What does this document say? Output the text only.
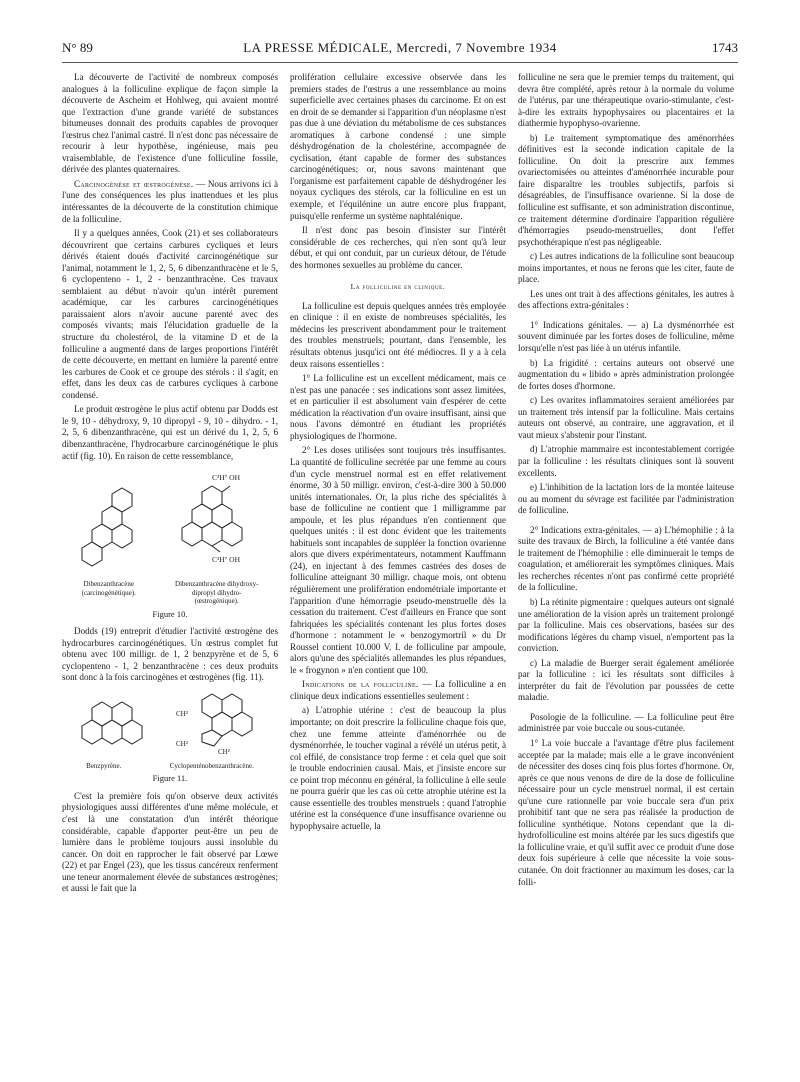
N° 89	LA PRESSE MÉDICALE, Mercredi, 7 Novembre 1934	1743

La découverte de l'activité de nombreux composés analogues à la folliculine explique de façon simple la découverte de Ascheim et Hohlweg, qui avaient montré que l'extraction d'une grande variété de substances bitumeuses donnait des produits capables de provoquer l'œstrus chez l'animal castré. Il n'est donc pas nécessaire de recourir à leur hypothèse, ingénieuse, mais peu vraisemblable, de l'existence d'une folliculine fossile, dérivée des plantes quaternaires.

Carcinogénèse et œstrogénèse. — Nous arrivons ici à l'une des conséquences les plus inattendues et les plus intéressantes de la découverte de la constitution chimique de la folliculine.

Il y a quelques années, Cook (21) et ses collaborateurs découvrirent que certains carbures cycliques et leurs dérivés étaient doués d'activité carcinogénétique sur l'animal, notamment le 1, 2, 5, 6 dibenzanthracène et le 5, 6 cyclopenteno - 1, 2 - benzanthracène. Ces travaux semblaient au début n'avoir qu'un intérêt purement académique, car les carbures carcinogénétiques paraissaient alors n'avoir aucune parenté avec des composés vivants; mais l'élucidation graduelle de la structure du cholestérol, de la vitamine D et de la folliculine a augmenté dans de larges proportions l'intérêt de cette découverte, en mettant en lumière la parenté entre les carbures de Cook et ce groupe des stérols : il s'agit, en effet, dans les deux cas de carbures cycliques à carbone condensé.

Le produit œstrogène le plus actif obtenu par Dodds est le 9, 10 - déhydroxy, 9, 10 dipropyl - 9, 10 - dihydro. - 1, 2, 5, 6 dibenzanthracène, qui est un dérivé du 1, 2, 5, 6 dibenzanthracène, l'hydrocarbure carcinogénétique le plus actif (fig. 10). En raison de cette ressemblance,

C³H⁷ OH
C³H⁷ OH
Dibenzanthracène
(carcinogénétique).
Dibenzanthracène dihydroxy-
dipropyl dihydro-
(œstrogénique).
Figure 10.

Dodds (19) entreprit d'étudier l'activité œstrogène des hydrocarbures carcinogénétiques. Un œstrus complet fut obtenu avec 100 milligr. de 1, 2 benzpyrène et de 5, 6 cyclopenteno - 1, 2 benzanthracène : ces deux produits sont donc à la fois carcinogènes et œstrogènes (fig. 11).

CH²
CH²
CH²
Benzpyrène.	Cyclopenténobenzanthracène.
Figure 11.

C'est la première fois qu'on observe deux activités physiologiques aussi différentes d'une même molécule, et c'est là une constatation d'un intérêt théorique considérable, capable d'apporter peut-être un peu de lumière dans le problème toujours aussi insoluble du cancer. On doit en rapprocher le fait observé par Lœwe (22) et par Engel (23), que les tissus cancéreux renferment une teneur anormalement élevée de substances œstrogènes; et aussi le fait que la

prolifération cellulaire excessive observée dans les premiers stades de l'œstrus a une ressemblance au moins superficielle avec certaines phases du carcinome. Et on est en droit de se demander si l'apparition d'un néoplasme n'est pas due à une déviation du métabolisme de ces substances aromatiques à carbone condensé : une simple déshydrogénation de la cholestérine, accompagnée de cyclisation, étant capable de former des substances carcinogénétiques; or, nous savons maintenant que l'organisme est parfaitement capable de déshydrogéner les noyaux cycliques des stérols, car la folliculine en est un exemple, et l'équilénine un autre encore plus frappant, puisqu'elle renferme un système naphtalénique.

Il n'est donc pas besoin d'insister sur l'intérêt considérable de ces recherches, qui n'en sont qu'à leur début, et qui ont conduit, par un curieux détour, de l'étude des hormones sexuelles au problème du cancer.

La folliculine en clinique.

La folliculine est depuis quelques années très employée en clinique : il en existe de nombreuses spécialités, les médecins les prescrivent abondamment pour le traitement des troubles menstruels; pourtant, dans l'ensemble, les résultats obtenus jusqu'ici ont été médiocres. Il y a à cela deux raisons essentielles :

1° La folliculine est un excellent médicament, mais ce n'est pas une panacée : ses indications sont assez limitées, et en particulier il est absolument vain d'espérer de cette médication la réactivation d'un ovaire insuffisant, ainsi que nous l'avons démontré en étudiant les propriétés physiologiques de l'hormone.

2° Les doses utilisées sont toujours très insuffisantes. La quantité de folliculine secrétée par une femme au cours d'un cycle menstruel normal est en effet relativement énorme, 30 à 50 milligr. environ, c'est-à-dire 300 à 50.000 unités internationales. Or, la plus riche des spécialités à base de folliculine ne contient que 1 milligramme par ampoule, et les plus répandues n'en contiennent que quelques unités : il est donc évident que les traitements habituels sont incapables de suppléer la fonction ovarienne alors que divers expérimentateurs, notamment Kauffmann (24), en injectant à des femmes castrées des doses de folliculine atteignant 30 milligr. chaque mois, ont obtenu régulièrement une prolifération endométriale importante et l'apparition d'une hémorragie pseudo-menstruelle dès la cessation du traitement. C'est d'ailleurs en France que sont fabriquées les spécialités contenant les plus fortes doses d'hormone : notamment le « benzogymortril » du Dr Roussel contient 10.000 V. I. de folliculine par ampoule, alors qu'une des spécialités allemandes les plus répandues, le « frogynon » n'en contient que 100.

Indications de la folliculine. — La folliculine a en clinique deux indications essentielles seulement :

a) L'atrophie utérine : c'est de beaucoup la plus importante; on doit prescrire la folliculine chaque fois que, chez une femme atteinte d'aménorrhée ou de dysménorrhée, le toucher vaginal a révélé un utérus petit, à col effilé, de consistance trop ferme : et cela quel que soit le trouble endocrinien causal. Mais, et j'insiste encore sur ce point trop méconnu en général, la folliculine à elle seule ne pourra guérir que les cas où cette atrophie utérine est la cause essentielle des troubles menstruels : quand l'atrophie utérine est la conséquence d'une insuffisance ovarienne ou hypophysaire actuelle, la

folliculine ne sera que le premier temps du traitement, qui devra être complété, après retour à la normale du volume de l'utérus, par une thérapeutique ovario-stimulante, c'est-à-dire les extraits hypophysaires ou placentaires et la diathermie hypophyso-ovarienne.

b) Le traitement symptomatique des aménorrhées définitives est la seconde indication capitale de la folliculine. On doit la prescrire aux femmes ovariectomisées ou atteintes d'aménorrhée incurable pour faire disparaître les troubles subjectifs, parfois si désagréables, de l'insuffisance ovarienne. Si la dose de folliculine est suffisante, et son administration discontinue, ce traitement détermine d'ordinaire l'apparition régulière d'hémorragies pseudo-menstruelles, dont l'effet psychothérapique n'est pas négligeable.

c) Les autres indications de la folliculine sont beaucoup moins importantes, et nous ne ferons que les citer, faute de place.

Les unes ont trait à des affections génitales, les autres à des affections extra-génitales :

1° Indications génitales. — a) La dysménorrhée est souvent diminuée par les fortes doses de folliculine, même lorsqu'elle n'est pas liée à un utérus infantile.

b) La frigidité : certains auteurs ont observé une augmentation du « libido » après administration prolongée de fortes doses d'hormone.

c) Les ovarites inflammatoires seraient améliorées par un traitement très intensif par la folliculine. Mais certains auteurs ont observé, au contraire, une aggravation, et il vaut mieux s'abstenir pour l'instant.

d) L'atrophie mammaire est incontestablement corrigée par la folliculine : les résultats cliniques sont là souvent excellents.

e) L'inhibition de la lactation lors de la montée laiteuse ou au moment du sévrage est facilitée par l'administration de folliculine.

2° Indications extra-génitales. — a) L'hémophilie : à la suite des travaux de Birch, la folliculine a été vantée dans le traitement de l'hémophilie : elle diminuerait le temps de coagulation, et améliorerait les symptômes cliniques. Mais les recherches récentes n'ont pas confirmé cette propriété de la folliculine.

b) La rétinite pigmentaire : quelques auteurs ont signalé une amélioration de la vision après un traitement prolongé par la folliculine. Mais ces observations, basées sur des modifications légères du champ visuel, n'emportent pas la conviction.

c) La maladie de Buerger serait également améliorée par la folliculine : ici les résultats sont difficiles à interpréter du fait de l'évolution par poussées de cette maladie.

Posologie de la folliculine. — La folliculine peut être administrée par voie buccale ou sous-cutanée.

1° La voie buccale a l'avantage d'être plus facilement acceptée par la malade; mais elle a le grave inconvénient de nécessiter des doses cinq fois plus fortes d'hormone. Or, après ce que nous venons de dire de la dose de folliculine nécessaire pour un cycle menstruel normal, il est certain qu'une cure rationnelle par voie buccale sera d'un prix prohibitif tant que ne sera pas réalisée la production de folliculine synthétique. Notons cependant que la di-hydrofolliculine est moins altérée par les sucs digestifs que la folliculine vraie, et qu'il suffit avec ce produit d'une dose deux fois supérieure à celle que nécessite la voie sous-cutanée. On doit fractionner au maximum les doses, car la folli-
